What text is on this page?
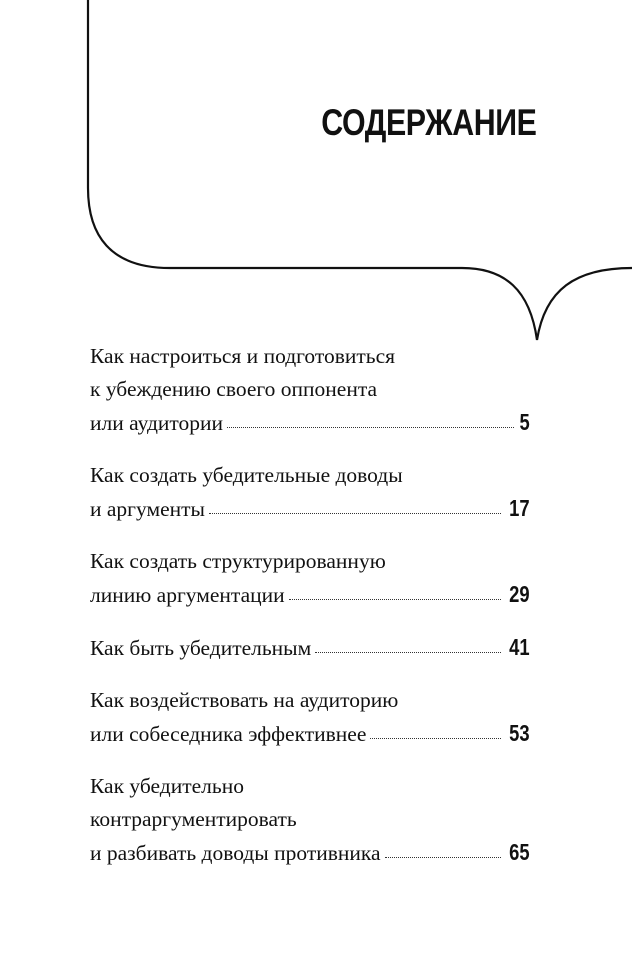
СОДЕРЖАНИЕ
Как настроиться и подготовиться
к убеждению своего оппонента
или аудитории	5
Как создать убедительные доводы
и аргументы	17
Как создать структурированную
линию аргументации	29
Как быть убедительным	41
Как воздействовать на аудиторию
или собеседника эффективнее	53
Как убедительно
контраргументировать
и разбивать доводы противника	65
